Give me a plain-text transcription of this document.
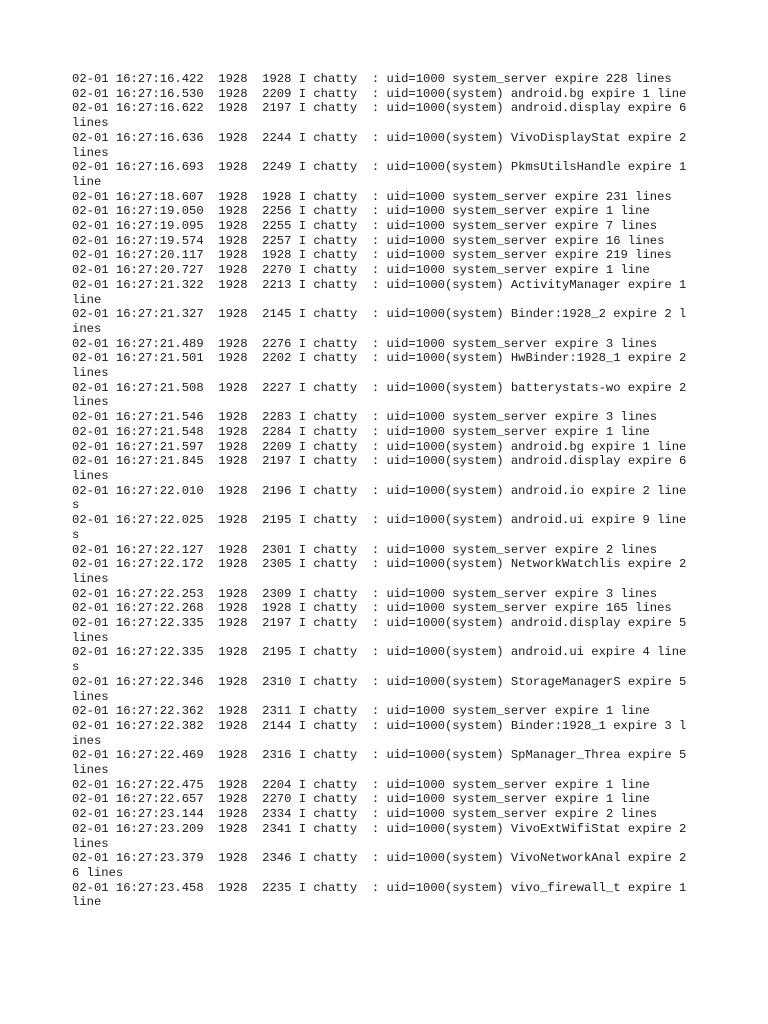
02-01 16:27:16.422  1928  1928 I chatty  : uid=1000 system_server expire 228 lines
02-01 16:27:16.530  1928  2209 I chatty  : uid=1000(system) android.bg expire 1 line
02-01 16:27:16.622  1928  2197 I chatty  : uid=1000(system) android.display expire 6 lines
02-01 16:27:16.636  1928  2244 I chatty  : uid=1000(system) VivoDisplayStat expire 2 lines
02-01 16:27:16.693  1928  2249 I chatty  : uid=1000(system) PkmsUtilsHandle expire 1 line
02-01 16:27:18.607  1928  1928 I chatty  : uid=1000 system_server expire 231 lines
02-01 16:27:19.050  1928  2256 I chatty  : uid=1000 system_server expire 1 line
02-01 16:27:19.095  1928  2255 I chatty  : uid=1000 system_server expire 7 lines
02-01 16:27:19.574  1928  2257 I chatty  : uid=1000 system_server expire 16 lines
02-01 16:27:20.117  1928  1928 I chatty  : uid=1000 system_server expire 219 lines
02-01 16:27:20.727  1928  2270 I chatty  : uid=1000 system_server expire 1 line
02-01 16:27:21.322  1928  2213 I chatty  : uid=1000(system) ActivityManager expire 1 line
02-01 16:27:21.327  1928  2145 I chatty  : uid=1000(system) Binder:1928_2 expire 2 lines
02-01 16:27:21.489  1928  2276 I chatty  : uid=1000 system_server expire 3 lines
02-01 16:27:21.501  1928  2202 I chatty  : uid=1000(system) HwBinder:1928_1 expire 2 lines
02-01 16:27:21.508  1928  2227 I chatty  : uid=1000(system) batterystats-wo expire 2 lines
02-01 16:27:21.546  1928  2283 I chatty  : uid=1000 system_server expire 3 lines
02-01 16:27:21.548  1928  2284 I chatty  : uid=1000 system_server expire 1 line
02-01 16:27:21.597  1928  2209 I chatty  : uid=1000(system) android.bg expire 1 line
02-01 16:27:21.845  1928  2197 I chatty  : uid=1000(system) android.display expire 6 lines
02-01 16:27:22.010  1928  2196 I chatty  : uid=1000(system) android.io expire 2 lines
02-01 16:27:22.025  1928  2195 I chatty  : uid=1000(system) android.ui expire 9 lines
02-01 16:27:22.127  1928  2301 I chatty  : uid=1000 system_server expire 2 lines
02-01 16:27:22.172  1928  2305 I chatty  : uid=1000(system) NetworkWatchlis expire 2 lines
02-01 16:27:22.253  1928  2309 I chatty  : uid=1000 system_server expire 3 lines
02-01 16:27:22.268  1928  1928 I chatty  : uid=1000 system_server expire 165 lines
02-01 16:27:22.335  1928  2197 I chatty  : uid=1000(system) android.display expire 5 lines
02-01 16:27:22.335  1928  2195 I chatty  : uid=1000(system) android.ui expire 4 lines
02-01 16:27:22.346  1928  2310 I chatty  : uid=1000(system) StorageManagerS expire 5 lines
02-01 16:27:22.362  1928  2311 I chatty  : uid=1000 system_server expire 1 line
02-01 16:27:22.382  1928  2144 I chatty  : uid=1000(system) Binder:1928_1 expire 3 lines
02-01 16:27:22.469  1928  2316 I chatty  : uid=1000(system) SpManager_Threa expire 5 lines
02-01 16:27:22.475  1928  2204 I chatty  : uid=1000 system_server expire 1 line
02-01 16:27:22.657  1928  2270 I chatty  : uid=1000 system_server expire 1 line
02-01 16:27:23.144  1928  2334 I chatty  : uid=1000 system_server expire 2 lines
02-01 16:27:23.209  1928  2341 I chatty  : uid=1000(system) VivoExtWifiStat expire 2 lines
02-01 16:27:23.379  1928  2346 I chatty  : uid=1000(system) VivoNetworkAnal expire 26 lines
02-01 16:27:23.458  1928  2235 I chatty  : uid=1000(system) vivo_firewall_t expire 1 line
